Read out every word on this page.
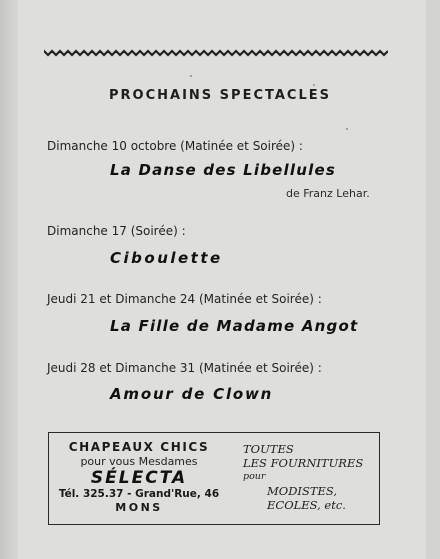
PROCHAINS SPECTACLES
Dimanche 10 octobre (Matinée et Soirée) :
La Danse des Libellules
de Franz Lehar.
Dimanche 17 (Soirée) :
Ciboulette
Jeudi 21 et Dimanche 24 (Matinée et Soirée) :
La Fille de Madame Angot
Jeudi 28 et Dimanche 31 (Matinée et Soirée) :
Amour de Clown
CHAPEAUX CHICS
pour vous Mesdames
SÉLECTA
Tél. 325.37 - Grand'Rue, 46
MONS
TOUTES
LES FOURNITURES
pour
MODISTES,
ECOLES, etc.
